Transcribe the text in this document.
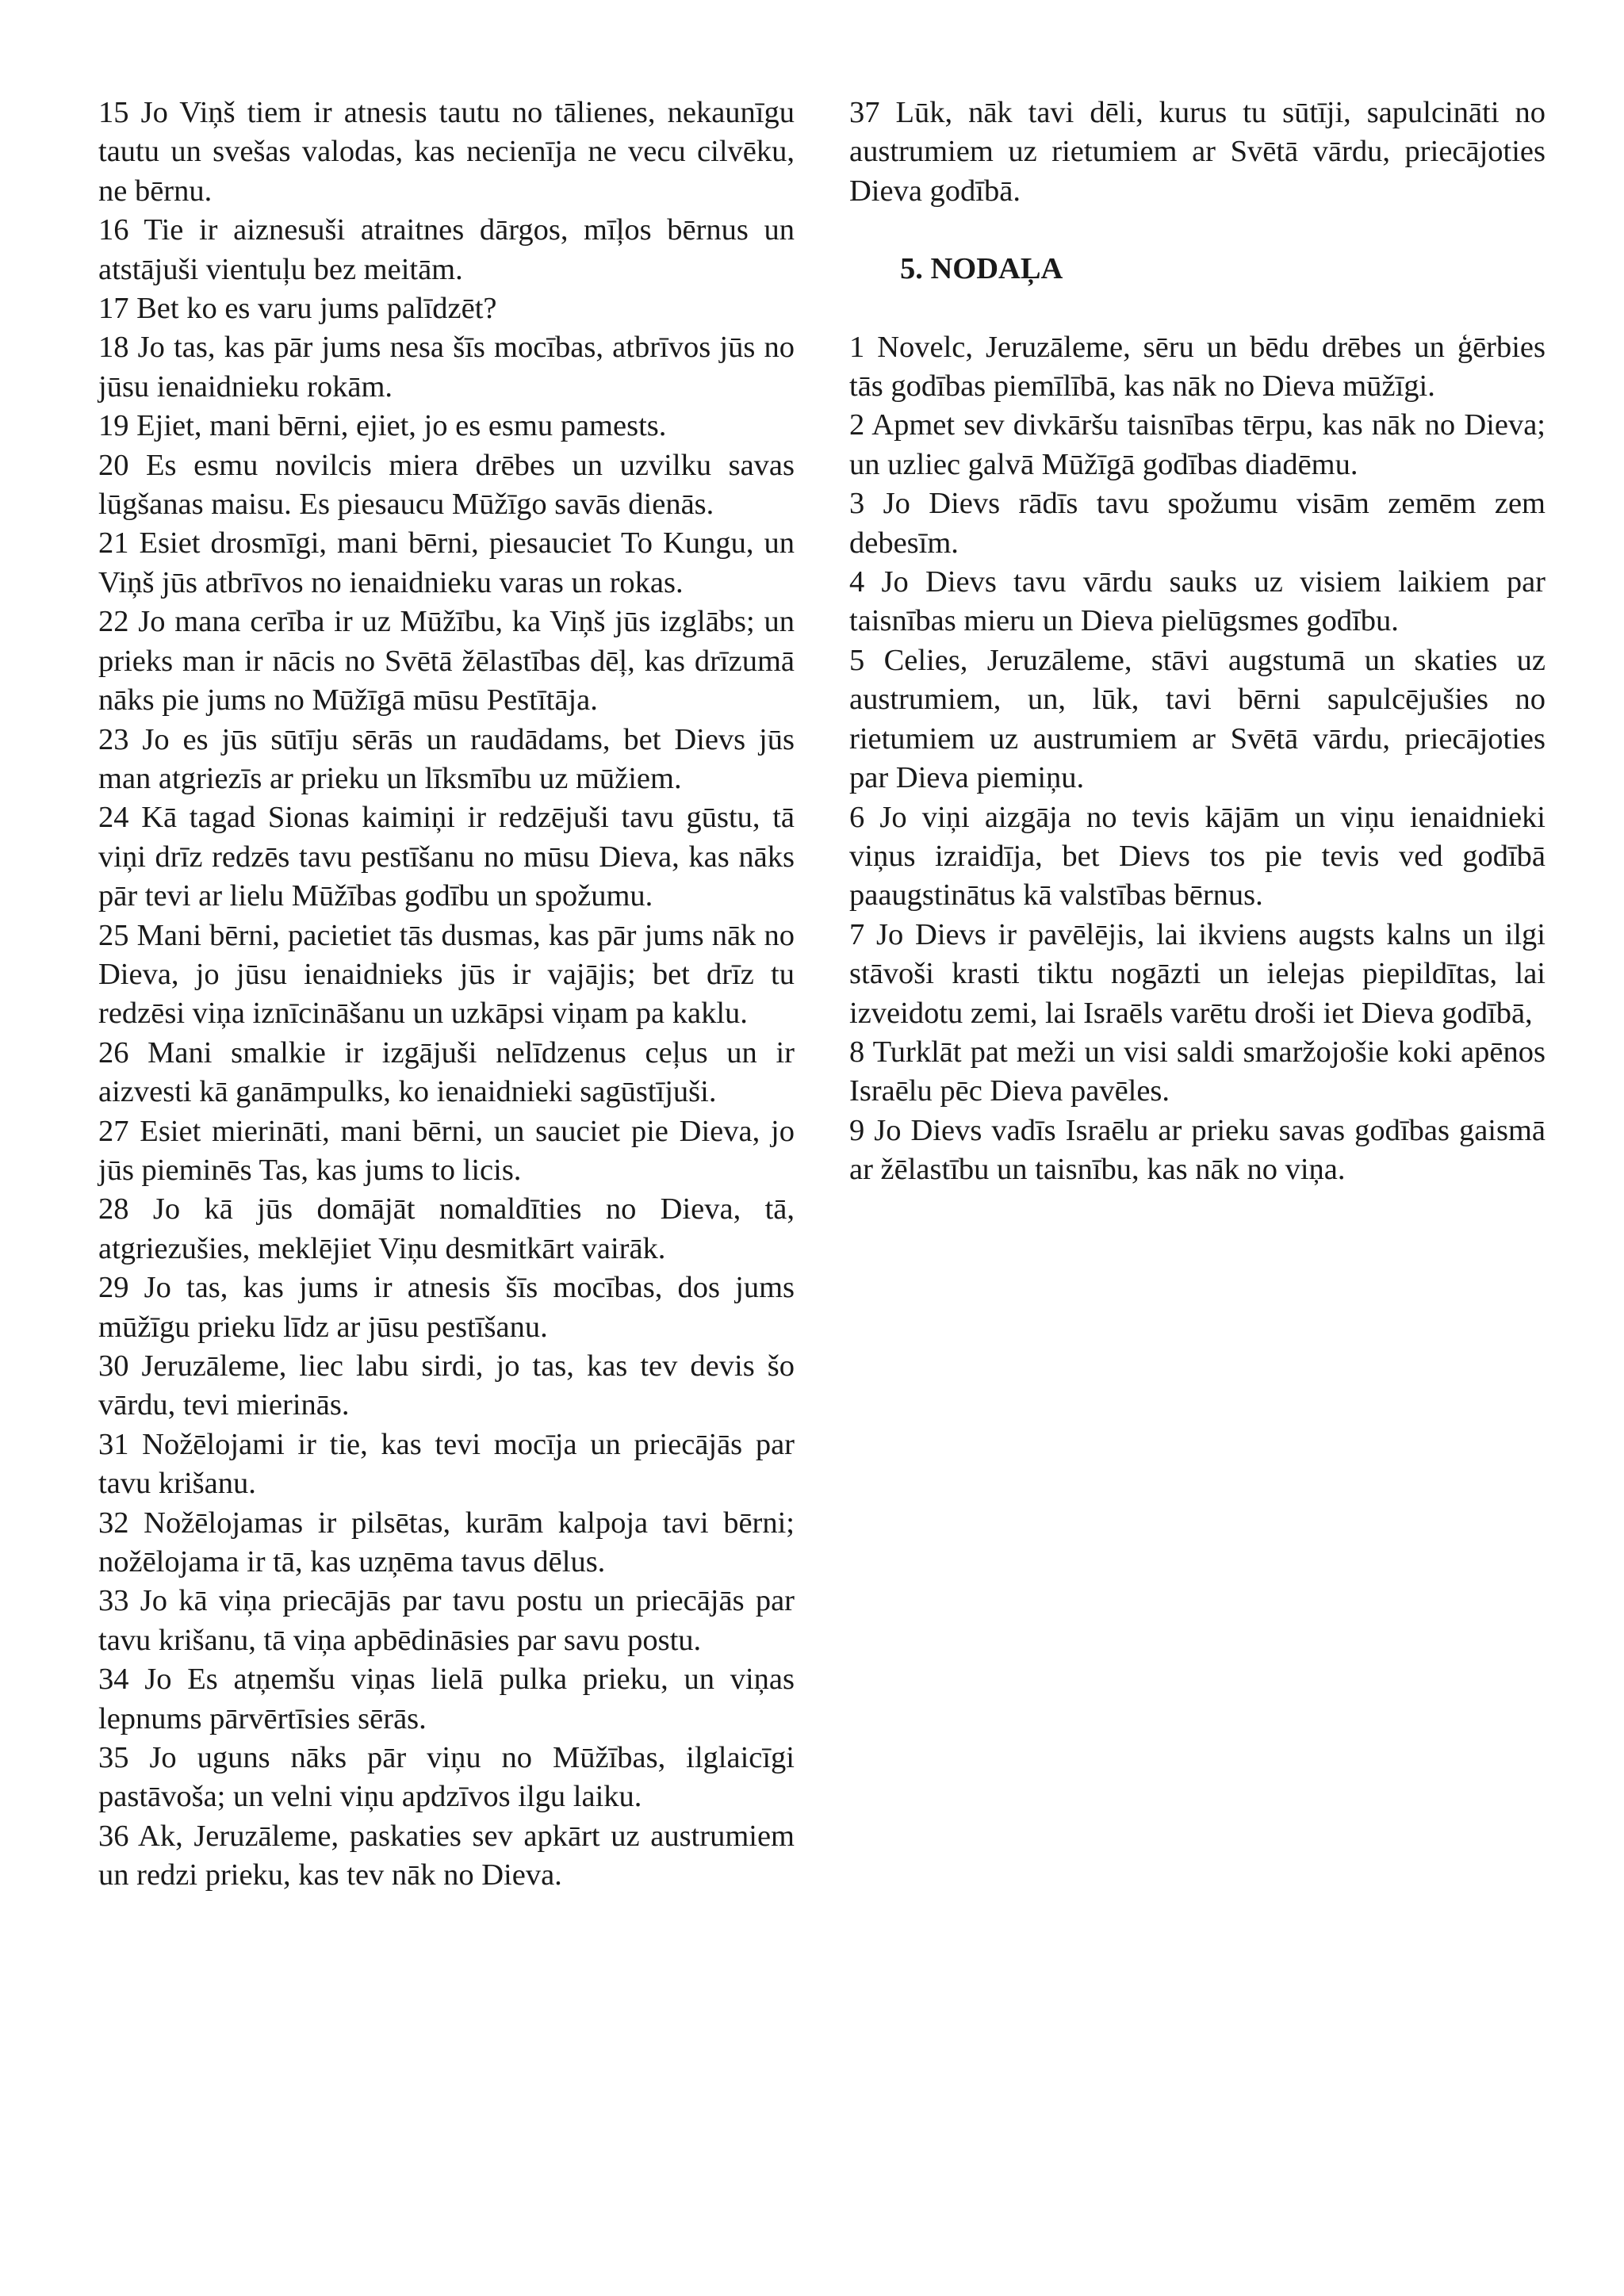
15 Jo Viņš tiem ir atnesis tautu no tālienes, nekaunīgu tautu un svešas valodas, kas necienīja ne vecu cilvēku, ne bērnu.

16 Tie ir aiznesuši atraitnes dārgos, mīļos bērnus un atstājuši vientuļu bez meitām.

17 Bet ko es varu jums palīdzēt?

18 Jo tas, kas pār jums nesa šīs mocības, atbrīvos jūs no jūsu ienaidnieku rokām.

19 Ejiet, mani bērni, ejiet, jo es esmu pamests.

20 Es esmu novilcis miera drēbes un uzvilku savas lūgšanas maisu. Es piesaucu Mūžīgo savās dienās.

21 Esiet drosmīgi, mani bērni, piesauciet To Kungu, un Viņš jūs atbrīvos no ienaidnieku varas un rokas.

22 Jo mana cerība ir uz Mūžību, ka Viņš jūs izglābs; un prieks man ir nācis no Svētā žēlastības dēļ, kas drīzumā nāks pie jums no Mūžīgā mūsu Pestītāja.

23 Jo es jūs sūtīju sērās un raudādams, bet Dievs jūs man atgriezīs ar prieku un līksmību uz mūžiem.

24 Kā tagad Sionas kaimiņi ir redzējuši tavu gūstu, tā viņi drīz redzēs tavu pestīšanu no mūsu Dieva, kas nāks pār tevi ar lielu Mūžības godību un spožumu.

25 Mani bērni, pacietiet tās dusmas, kas pār jums nāk no Dieva, jo jūsu ienaidnieks jūs ir vajājis; bet drīz tu redzēsi viņa iznīcināšanu un uzkāpsi viņam pa kaklu.

26 Mani smalkie ir izgājuši nelīdzenus ceļus un ir aizvesti kā ganāmpulks, ko ienaidnieki sagūstījuši.

27 Esiet mierināti, mani bērni, un sauciet pie Dieva, jo jūs pieminēs Tas, kas jums to licis.

28 Jo kā jūs domājāt nomaldīties no Dieva, tā, atgriezušies, meklējiet Viņu desmitkārt vairāk.

29 Jo tas, kas jums ir atnesis šīs mocības, dos jums mūžīgu prieku līdz ar jūsu pestīšanu.

30 Jeruzāleme, liec labu sirdi, jo tas, kas tev devis šo vārdu, tevi mierinās.

31 Nožēlojami ir tie, kas tevi mocīja un priecājās par tavu krišanu.

32 Nožēlojamas ir pilsētas, kurām kalpoja tavi bērni; nožēlojama ir tā, kas uzņēma tavus dēlus.

33 Jo kā viņa priecājās par tavu postu un priecājās par tavu krišanu, tā viņa apbēdināsies par savu postu.

34 Jo Es atņemšu viņas lielā pulka prieku, un viņas lepnums pārvērtīsies sērās.

35 Jo uguns nāks pār viņu no Mūžības, ilglaicīgi pastāvoša; un velni viņu apdzīvos ilgu laiku.

36 Ak, Jeruzāleme, paskaties sev apkārt uz austrumiem un redzi prieku, kas tev nāk no Dieva.

37 Lūk, nāk tavi dēli, kurus tu sūtīji, sapulcināti no austrumiem uz rietumiem ar Svētā vārdu, priecājoties Dieva godībā.

5. NODAĻA

1 Novelc, Jeruzāleme, sēru un bēdu drēbes un ģērbies tās godības piemīlībā, kas nāk no Dieva mūžīgi.

2 Apmet sev divkāršu taisnības tērpu, kas nāk no Dieva; un uzliec galvā Mūžīgā godības diadēmu.

3 Jo Dievs rādīs tavu spožumu visām zemēm zem debesīm.

4 Jo Dievs tavu vārdu sauks uz visiem laikiem par taisnības mieru un Dieva pielūgsmes godību.

5 Celies, Jeruzāleme, stāvi augstumā un skaties uz austrumiem, un, lūk, tavi bērni sapulcējušies no rietumiem uz austrumiem ar Svētā vārdu, priecājoties par Dieva piemiņu.

6 Jo viņi aizgāja no tevis kājām un viņu ienaidnieki viņus izraidīja, bet Dievs tos pie tevis ved godībā paaugstinātus kā valstības bērnus.

7 Jo Dievs ir pavēlējis, lai ikviens augsts kalns un ilgi stāvoši krasti tiktu nogāzti un ielejas piepildītas, lai izveidotu zemi, lai Israēls varētu droši iet Dieva godībā,

8 Turklāt pat meži un visi saldi smaržojošie koki apēnos Israēlu pēc Dieva pavēles.

9 Jo Dievs vadīs Israēlu ar prieku savas godības gaismā ar žēlastību un taisnību, kas nāk no viņa.
